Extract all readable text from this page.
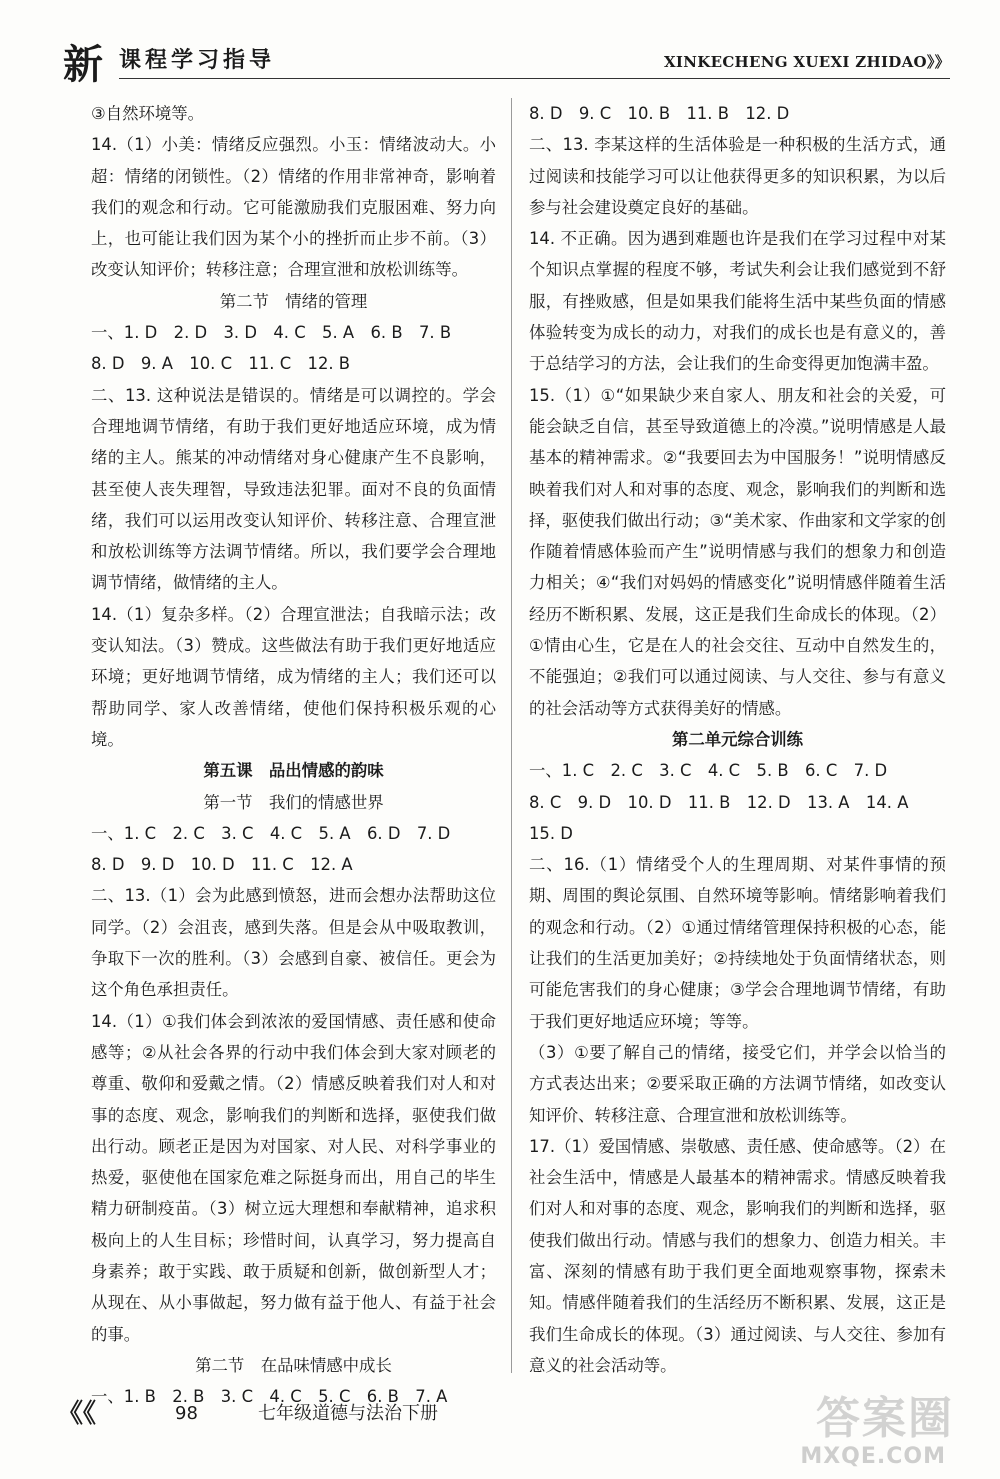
新 课程学习指导	XINKECHENG XUEXI ZHIDAO》》

③自然环境等。

14.（1）小美：情绪反应强烈。小玉：情绪波动大。小超：情绪的闭锁性。（2）情绪的作用非常神奇，影响着我们的观念和行动。它可能激励我们克服困难、努力向上，也可能让我们因为某个小的挫折而止步不前。（3）改变认知评价；转移注意；合理宣泄和放松训练等。

第二节　情绪的管理

一、1. D　2. D　3. D　4. C　5. A　6. B　7. B

8. D　9. A　10. C　11. C　12. B

二、13. 这种说法是错误的。情绪是可以调控的。学会合理地调节情绪，有助于我们更好地适应环境，成为情绪的主人。熊某的冲动情绪对身心健康产生不良影响，甚至使人丧失理智，导致违法犯罪。面对不良的负面情绪，我们可以运用改变认知评价、转移注意、合理宣泄和放松训练等方法调节情绪。所以，我们要学会合理地调节情绪，做情绪的主人。

14.（1）复杂多样。（2）合理宣泄法；自我暗示法；改变认知法。（3）赞成。这些做法有助于我们更好地适应环境；更好地调节情绪，成为情绪的主人；我们还可以帮助同学、家人改善情绪，使他们保持积极乐观的心境。

第五课　品出情感的韵味

第一节　我们的情感世界

一、1. C　2. C　3. C　4. C　5. A　6. D　7. D

8. D　9. D　10. D　11. C　12. A

二、13.（1）会为此感到愤怒，进而会想办法帮助这位同学。（2）会沮丧，感到失落。但是会从中吸取教训，争取下一次的胜利。（3）会感到自豪、被信任。更会为这个角色承担责任。

14.（1）①我们体会到浓浓的爱国情感、责任感和使命感等；②从社会各界的行动中我们体会到大家对顾老的尊重、敬仰和爱戴之情。（2）情感反映着我们对人和对事的态度、观念，影响我们的判断和选择，驱使我们做出行动。顾老正是因为对国家、对人民、对科学事业的热爱，驱使他在国家危难之际挺身而出，用自己的毕生精力研制疫苗。（3）树立远大理想和奉献精神，追求积极向上的人生目标；珍惜时间，认真学习，努力提高自身素养；敢于实践、敢于质疑和创新，做创新型人才；从现在、从小事做起，努力做有益于他人、有益于社会的事。

第二节　在品味情感中成长

一、1. B　2. B　3. C　4. C　5. C　6. B　7. A

8. D　9. C　10. B　11. B　12. D

二、13. 李某这样的生活体验是一种积极的生活方式，通过阅读和技能学习可以让他获得更多的知识积累，为以后参与社会建设奠定良好的基础。

14. 不正确。因为遇到难题也许是我们在学习过程中对某个知识点掌握的程度不够，考试失利会让我们感觉到不舒服，有挫败感，但是如果我们能将生活中某些负面的情感体验转变为成长的动力，对我们的成长也是有意义的，善于总结学习的方法，会让我们的生命变得更加饱满丰盈。

15.（1）①“如果缺少来自家人、朋友和社会的关爱，可能会缺乏自信，甚至导致道德上的冷漠。”说明情感是人最基本的精神需求。②“我要回去为中国服务！”说明情感反映着我们对人和对事的态度、观念，影响我们的判断和选择，驱使我们做出行动；③“美术家、作曲家和文学家的创作随着情感体验而产生”说明情感与我们的想象力和创造力相关；④“我们对妈妈的情感变化”说明情感伴随着生活经历不断积累、发展，这正是我们生命成长的体现。（2）①情由心生，它是在人的社会交往、互动中自然发生的，不能强迫；②我们可以通过阅读、与人交往、参与有意义的社会活动等方式获得美好的情感。

第二单元综合训练

一、1. C　2. C　3. C　4. C　5. B　6. C　7. D

8. C　9. D　10. D　11. B　12. D　13. A　14. A

15. D

二、16.（1）情绪受个人的生理周期、对某件事情的预期、周围的舆论氛围、自然环境等影响。情绪影响着我们的观念和行动。（2）①通过情绪管理保持积极的心态，能让我们的生活更加美好；②持续地处于负面情绪状态，则可能危害我们的身心健康；③学会合理地调节情绪，有助于我们更好地适应环境；等等。

（3）①要了解自己的情绪，接受它们，并学会以恰当的方式表达出来；②要采取正确的方法调节情绪，如改变认知评价、转移注意、合理宣泄和放松训练等。

17.（1）爱国情感、崇敬感、责任感、使命感等。（2）在社会生活中，情感是人最基本的精神需求。情感反映着我们对人和对事的态度、观念，影响我们的判断和选择，驱使我们做出行动。情感与我们的想象力、创造力相关。丰富、深刻的情感有助于我们更全面地观察事物，探索未知。情感伴随着我们的生活经历不断积累、发展，这正是我们生命成长的体现。（3）通过阅读、与人交往、参加有意义的社会活动等。

《《	98	七年级道德与法治下册	答案圈
MXQE.COM
